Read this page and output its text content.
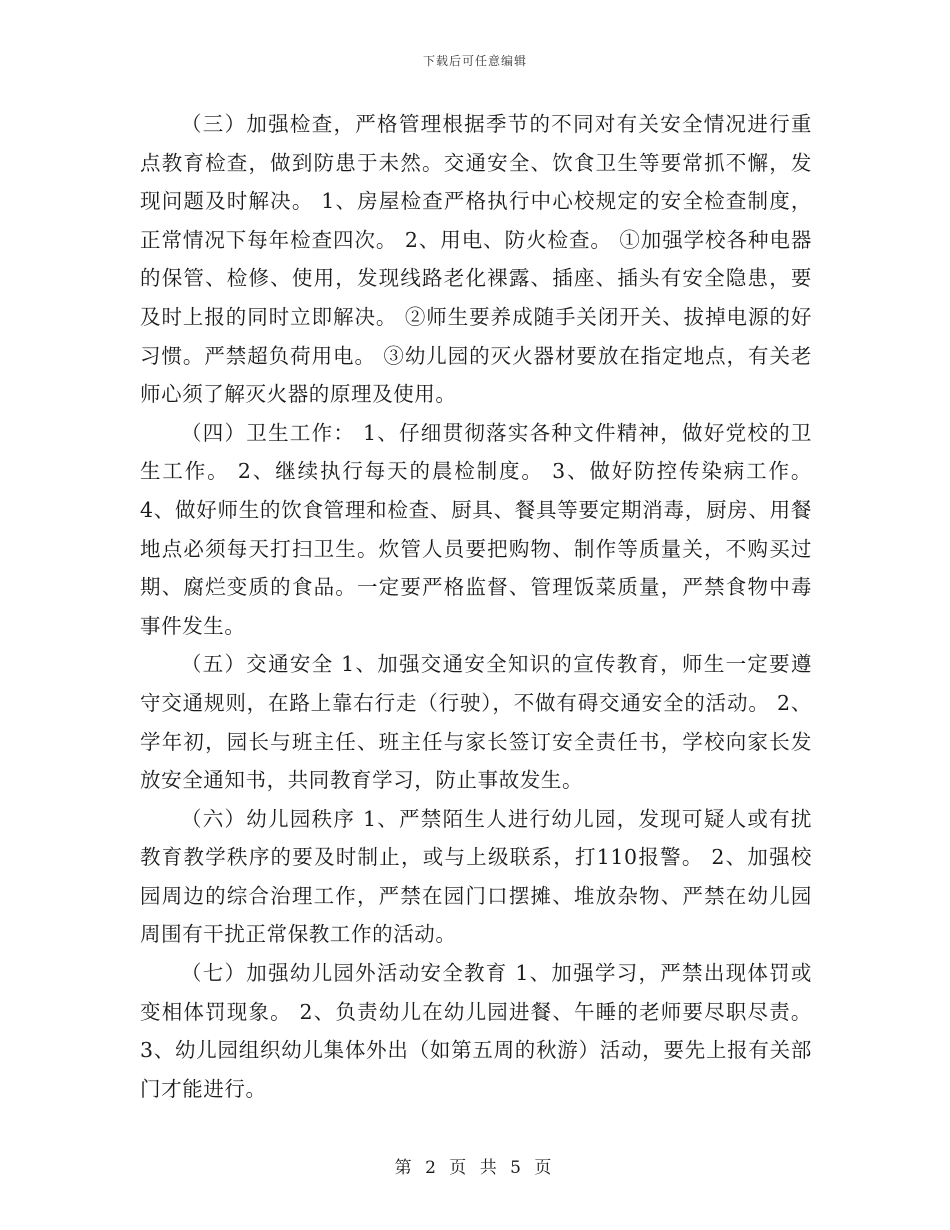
下载后可任意编辑

（三）加强检查，严格管理根据季节的不同对有关安全情况进行重点教育检查，做到防患于未然。交通安全、饮食卫生等要常抓不懈，发现问题及时解决。 1、房屋检查严格执行中心校规定的安全检查制度，正常情况下每年检查四次。 2、用电、防火检查。 ①加强学校各种电器的保管、检修、使用，发现线路老化裸露、插座、插头有安全隐患，要及时上报的同时立即解决。 ②师生要养成随手关闭开关、拔掉电源的好习惯。严禁超负荷用电。 ③幼儿园的灭火器材要放在指定地点，有关老师心须了解灭火器的原理及使用。

（四）卫生工作： 1、仔细贯彻落实各种文件精神，做好党校的卫生工作。 2、继续执行每天的晨检制度。 3、做好防控传染病工作。 4、做好师生的饮食管理和检查、厨具、餐具等要定期消毒，厨房、用餐地点必须每天打扫卫生。炊管人员要把购物、制作等质量关，不购买过期、腐烂变质的食品。一定要严格监督、管理饭菜质量，严禁食物中毒事件发生。

（五）交通安全 1、加强交通安全知识的宣传教育，师生一定要遵守交通规则，在路上靠右行走（行驶），不做有碍交通安全的活动。 2、学年初，园长与班主任、班主任与家长签订安全责任书，学校向家长发放安全通知书，共同教育学习，防止事故发生。

（六）幼儿园秩序 1、严禁陌生人进行幼儿园，发现可疑人或有扰教育教学秩序的要及时制止，或与上级联系，打110报警。 2、加强校园周边的综合治理工作，严禁在园门口摆摊、堆放杂物、严禁在幼儿园周围有干扰正常保教工作的活动。

（七）加强幼儿园外活动安全教育 1、加强学习，严禁出现体罚或变相体罚现象。 2、负责幼儿在幼儿园进餐、午睡的老师要尽职尽责。 3、幼儿园组织幼儿集体外出（如第五周的秋游）活动，要先上报有关部门才能进行。

第 2 页 共 5 页
